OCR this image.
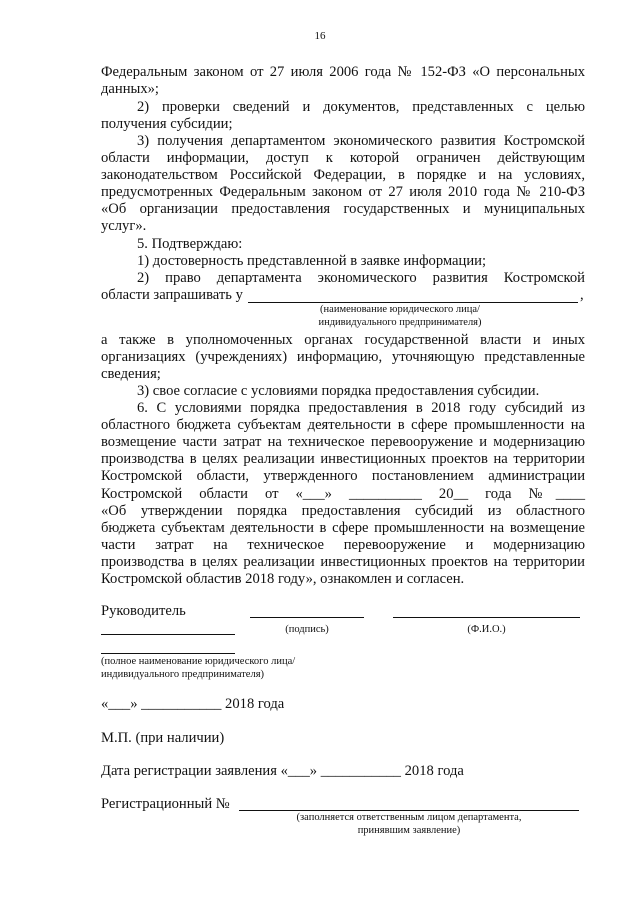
16
Федеральным законом от 27 июля 2006 года № 152-ФЗ «О персональных
данных»;
2) проверки сведений и документов, представленных с целью
получения субсидии;
3) получения департаментом экономического развития Костромской
области информации, доступ к которой ограничен действующим
законодательством Российской Федерации, в порядке и на условиях,
предусмотренных Федеральным законом от 27 июля 2010 года № 210-ФЗ
«Об организации предоставления государственных и муниципальных
услуг».
5. Подтверждаю:
1) достоверность представленной в заявке информации;
2) право департамента экономического развития Костромской
области запрашивать у	,
(наименование юридического лица/
индивидуального предпринимателя)
а также в уполномоченных органах государственной власти и иных
организациях (учреждениях) информацию, уточняющую представленные
сведения;
3) свое согласие с условиями порядка предоставления субсидии.
6. С условиями порядка предоставления в 2018 году субсидий из
областного бюджета субъектам деятельности в сфере промышленности на
возмещение части затрат на техническое перевооружение и модернизацию
производства в целях реализации инвестиционных проектов на территории
Костромской области, утвержденного постановлением администрации
Костромской области от «___» __________ 20__ года №____
«Об утверждении порядка предоставления субсидий из областного
бюджета субъектам деятельности в сфере промышленности на возмещение
части затрат на техническое перевооружение и модернизацию
производства в целях реализации инвестиционных проектов на территории
Костромской областив 2018 году», ознакомлен и согласен.
Руководитель
(подпись)	(Ф.И.О.)
(полное наименование юридического лица/
индивидуального предпринимателя)
«___» ___________ 2018 года
М.П. (при наличии)
Дата регистрации заявления «___» ___________ 2018 года
Регистрационный №
(заполняется ответственным лицом департамента,
принявшим заявление)
